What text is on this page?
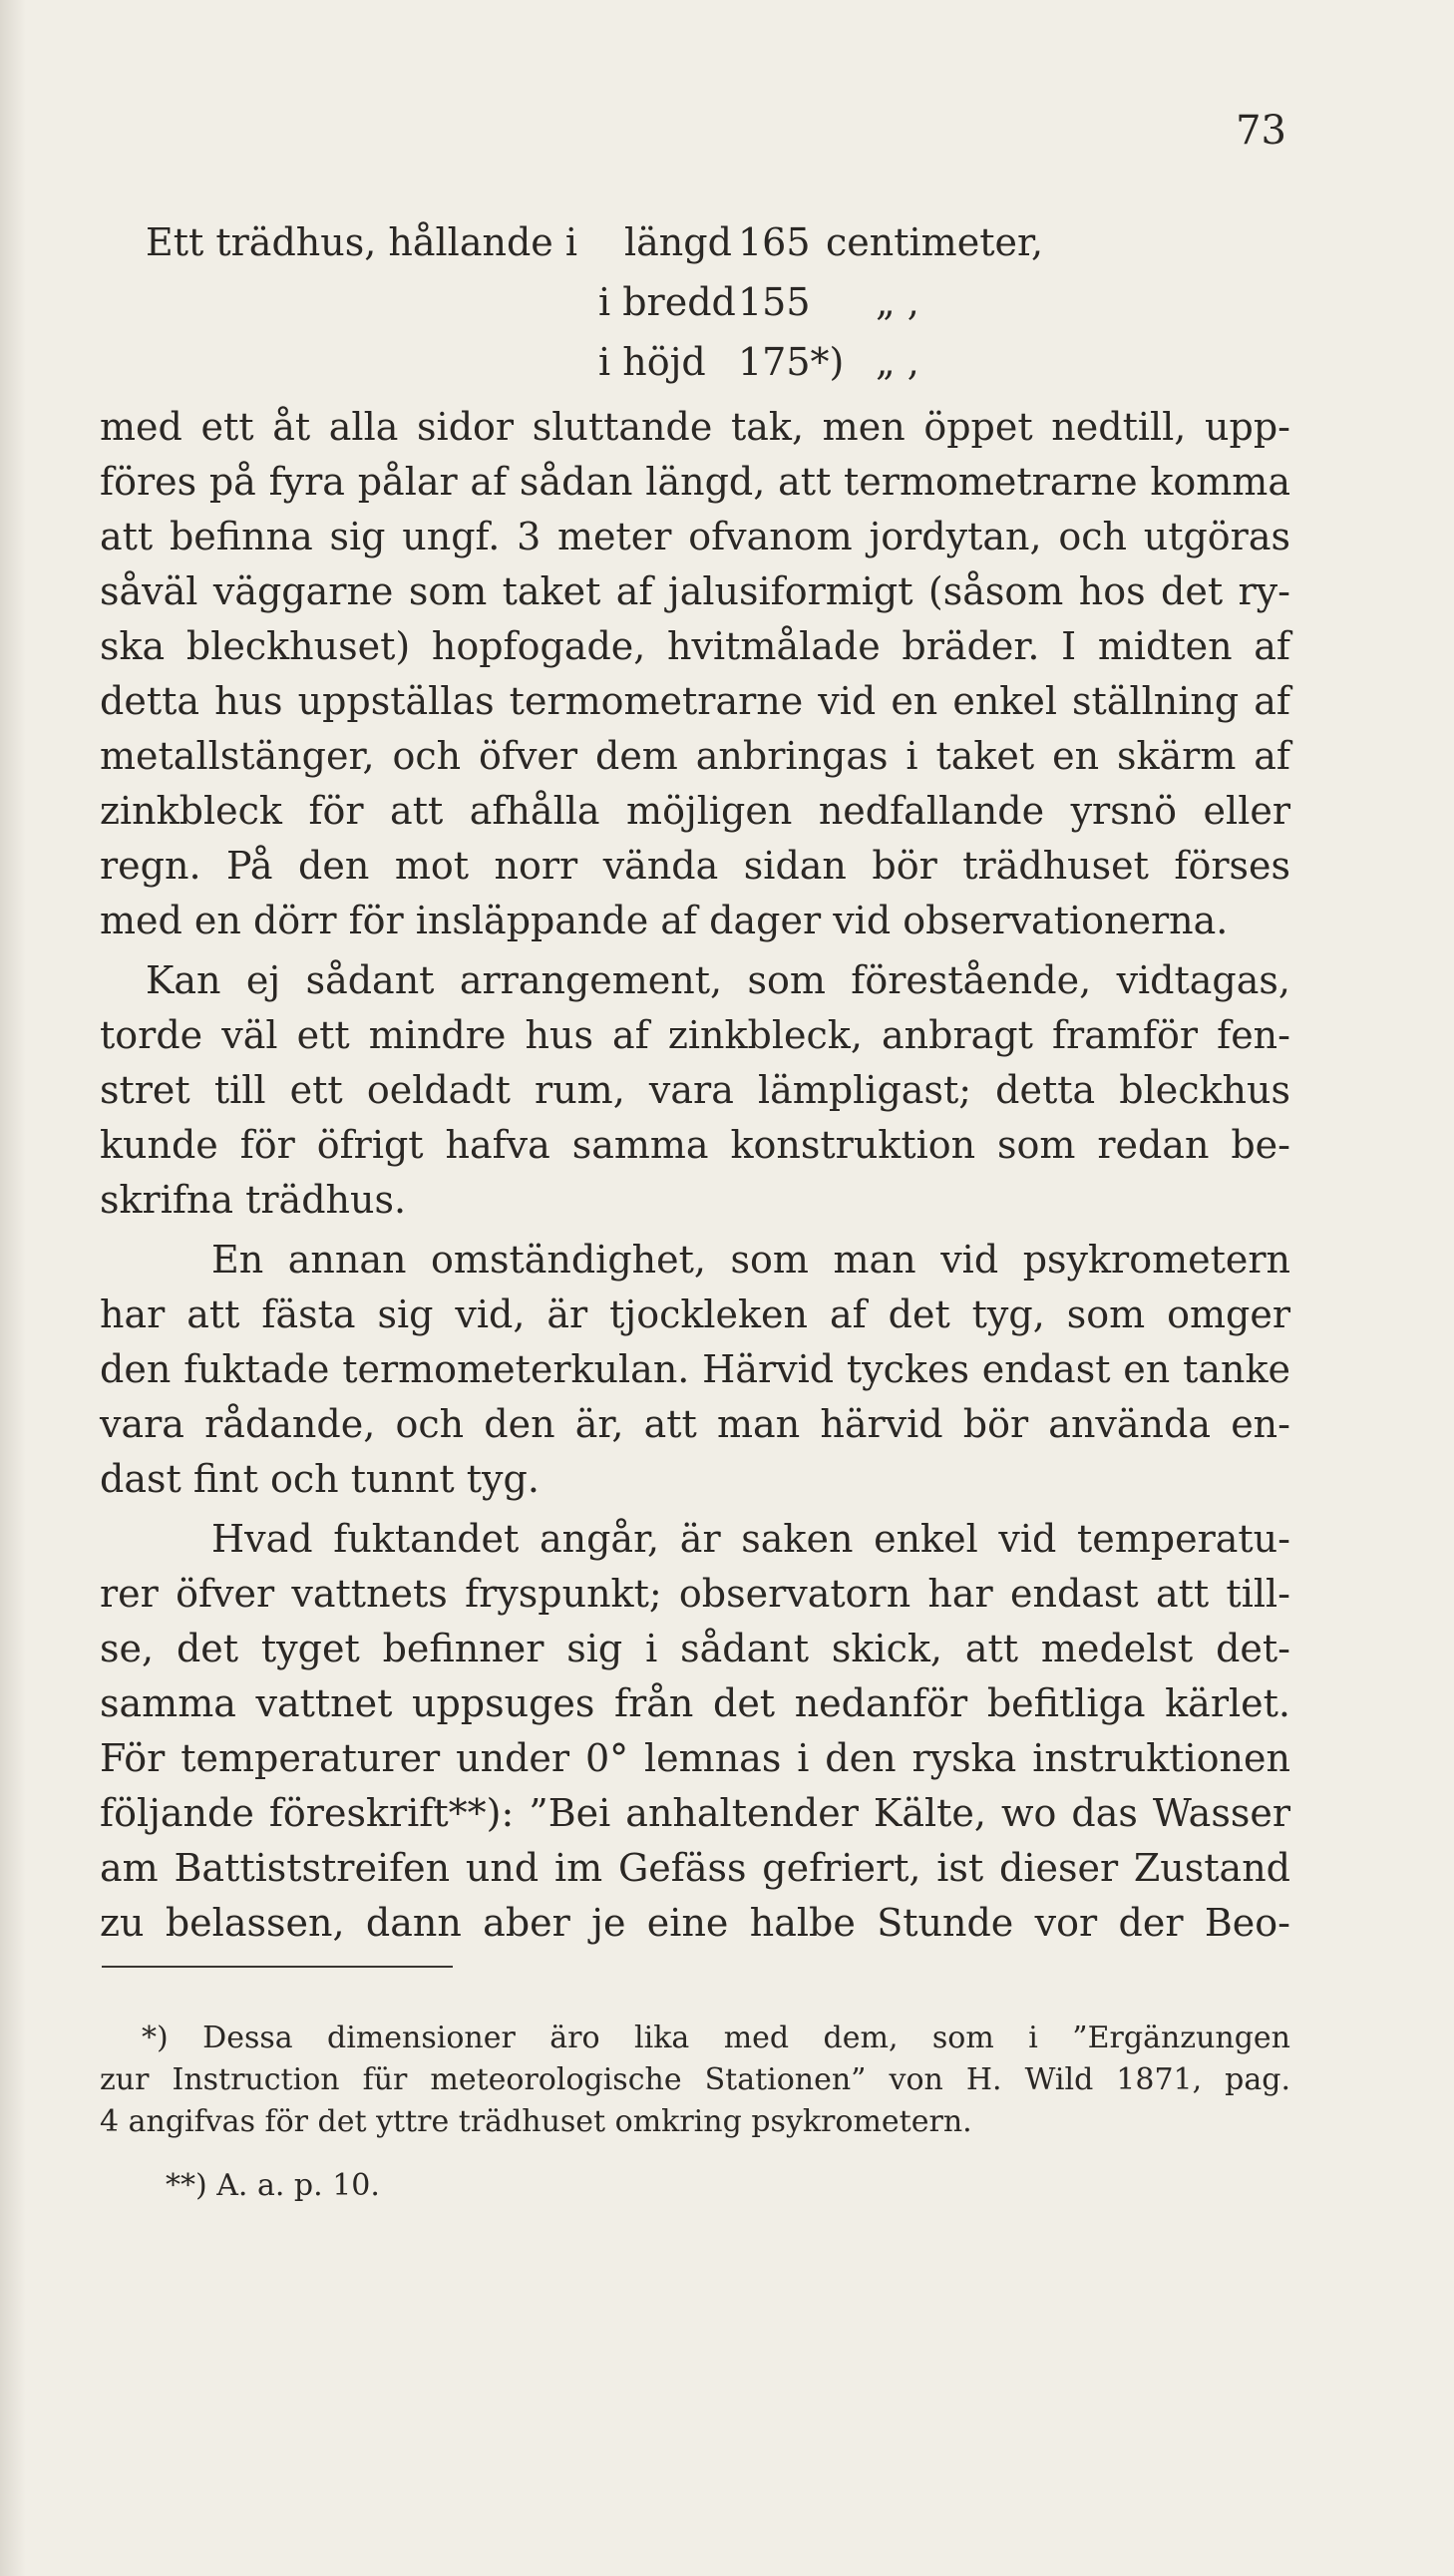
73
Ett trädhus, hållande i längd 165 centimeter,
i bredd 155 „ ,
i höjd 175*) „ ,
med ett åt alla sidor sluttande tak, men öppet nedtill, upp-
föres på fyra pålar af sådan längd, att termometrarne komma
att befinna sig ungf. 3 meter ofvanom jordytan, och utgöras
såväl väggarne som taket af jalusiformigt (såsom hos det ry-
ska bleckhuset) hopfogade, hvitmålade bräder. I midten af
detta hus uppställas termometrarne vid en enkel ställning af
metallstänger, och öfver dem anbringas i taket en skärm af
zinkbleck för att afhålla möjligen nedfallande yrsnö eller
regn. På den mot norr vända sidan bör trädhuset förses
med en dörr för insläppande af dager vid observationerna.
Kan ej sådant arrangement, som förestående, vidtagas,
torde väl ett mindre hus af zinkbleck, anbragt framför fen-
stret till ett oeldadt rum, vara lämpligast; detta bleckhus
kunde för öfrigt hafva samma konstruktion som redan be-
skrifna trädhus.
En annan omständighet, som man vid psykrometern
har att fästa sig vid, är tjockleken af det tyg, som omger
den fuktade termometerkulan. Härvid tyckes endast en tanke
vara rådande, och den är, att man härvid bör använda en-
dast fint och tunnt tyg.
Hvad fuktandet angår, är saken enkel vid temperatu-
rer öfver vattnets fryspunkt; observatorn har endast att till-
se, det tyget befinner sig i sådant skick, att medelst det-
samma vattnet uppsuges från det nedanför befitliga kärlet.
För temperaturer under 0° lemnas i den ryska instruktionen
följande föreskrift**): ”Bei anhaltender Kälte, wo das Wasser
am Battiststreifen und im Gefäss gefriert, ist dieser Zustand
zu belassen, dann aber je eine halbe Stunde vor der Beo-
*) Dessa dimensioner äro lika med dem, som i ”Ergänzungen
zur Instruction für meteorologische Stationen” von H. Wild 1871, pag.
4 angifvas för det yttre trädhuset omkring psykrometern.
**) A. a. p. 10.
